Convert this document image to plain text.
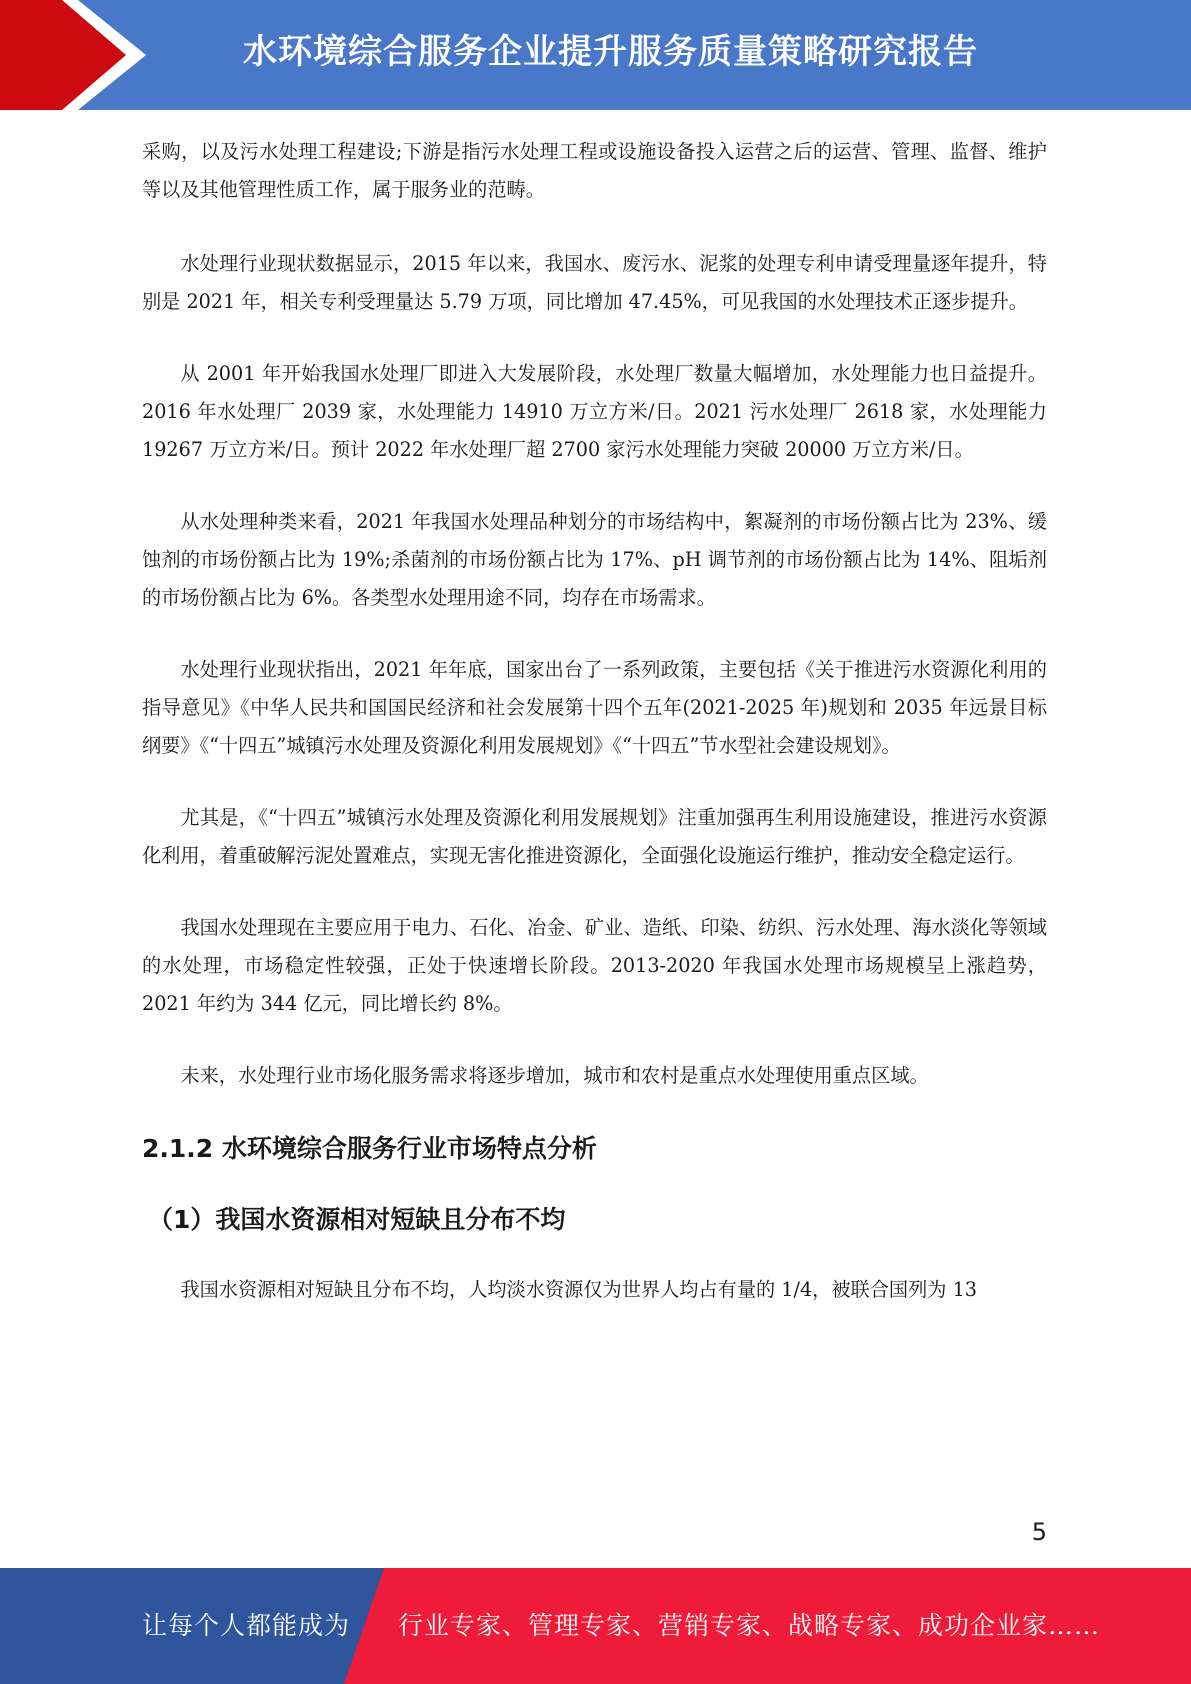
水环境综合服务企业提升服务质量策略研究报告

采购，以及污水处理工程建设;下游是指污水处理工程或设施设备投入运营之后的运营、管理、监督、维护等以及其他管理性质工作，属于服务业的范畴。

水处理行业现状数据显示，2015 年以来，我国水、废污水、泥浆的处理专利申请受理量逐年提升，特别是 2021 年，相关专利受理量达 5.79 万项，同比增加 47.45%，可见我国的水处理技术正逐步提升。

从 2001 年开始我国水处理厂即进入大发展阶段，水处理厂数量大幅增加，水处理能力也日益提升。2016 年水处理厂 2039 家，水处理能力 14910 万立方米/日。2021 污水处理厂 2618 家，水处理能力 19267 万立方米/日。预计 2022 年水处理厂超 2700 家污水处理能力突破 20000 万立方米/日。

从水处理种类来看，2021 年我国水处理品种划分的市场结构中，絮凝剂的市场份额占比为 23%、缓蚀剂的市场份额占比为 19%;杀菌剂的市场份额占比为 17%、pH 调节剂的市场份额占比为 14%、阻垢剂的市场份额占比为 6%。各类型水处理用途不同，均存在市场需求。

水处理行业现状指出，2021 年年底，国家出台了一系列政策，主要包括《关于推进污水资源化利用的指导意见》《中华人民共和国国民经济和社会发展第十四个五年(2021-2025 年)规划和 2035 年远景目标纲要》《“十四五”城镇污水处理及资源化利用发展规划》《“十四五”节水型社会建设规划》。

尤其是，《“十四五”城镇污水处理及资源化利用发展规划》注重加强再生利用设施建设，推进污水资源化利用，着重破解污泥处置难点，实现无害化推进资源化，全面强化设施运行维护，推动安全稳定运行。

我国水处理现在主要应用于电力、石化、冶金、矿业、造纸、印染、纺织、污水处理、海水淡化等领域的水处理，市场稳定性较强，正处于快速增长阶段。2013-2020 年我国水处理市场规模呈上涨趋势，2021 年约为 344 亿元，同比增长约 8%。

未来，水处理行业市场化服务需求将逐步增加，城市和农村是重点水处理使用重点区域。

2.1.2 水环境综合服务行业市场特点分析
（1）我国水资源相对短缺且分布不均

我国水资源相对短缺且分布不均，人均淡水资源仅为世界人均占有量的 1/4，被联合国列为 13

5
让每个人都能成为 行业专家、管理专家、营销专家、战略专家、成功企业家……
